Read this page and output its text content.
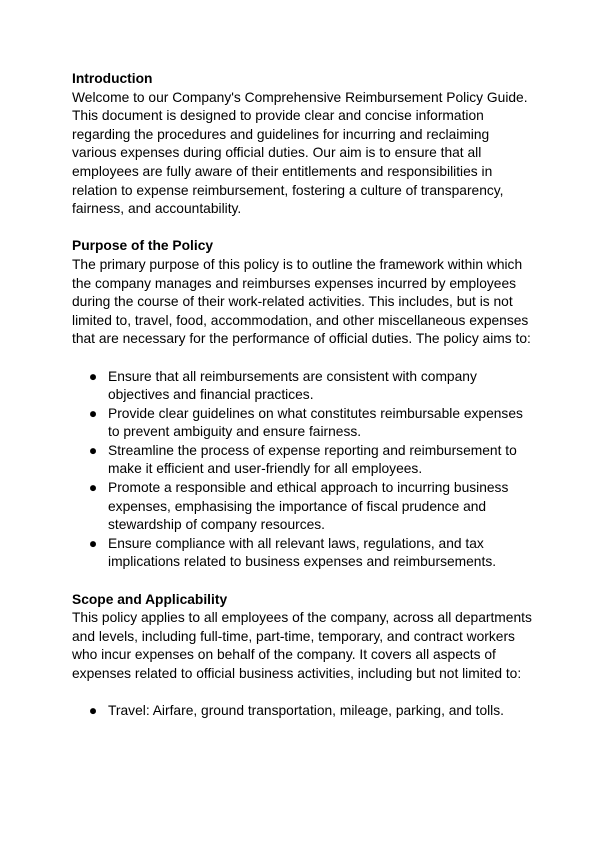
Introduction

Welcome to our Company's Comprehensive Reimbursement Policy Guide. This document is designed to provide clear and concise information regarding the procedures and guidelines for incurring and reclaiming various expenses during official duties. Our aim is to ensure that all employees are fully aware of their entitlements and responsibilities in relation to expense reimbursement, fostering a culture of transparency, fairness, and accountability.

Purpose of the Policy

The primary purpose of this policy is to outline the framework within which the company manages and reimburses expenses incurred by employees during the course of their work-related activities. This includes, but is not limited to, travel, food, accommodation, and other miscellaneous expenses that are necessary for the performance of official duties. The policy aims to:

● Ensure that all reimbursements are consistent with company objectives and financial practices.
● Provide clear guidelines on what constitutes reimbursable expenses to prevent ambiguity and ensure fairness.
● Streamline the process of expense reporting and reimbursement to make it efficient and user-friendly for all employees.
● Promote a responsible and ethical approach to incurring business expenses, emphasising the importance of fiscal prudence and stewardship of company resources.
● Ensure compliance with all relevant laws, regulations, and tax implications related to business expenses and reimbursements.

Scope and Applicability

This policy applies to all employees of the company, across all departments and levels, including full-time, part-time, temporary, and contract workers who incur expenses on behalf of the company. It covers all aspects of expenses related to official business activities, including but not limited to:

● Travel: Airfare, ground transportation, mileage, parking, and tolls.
